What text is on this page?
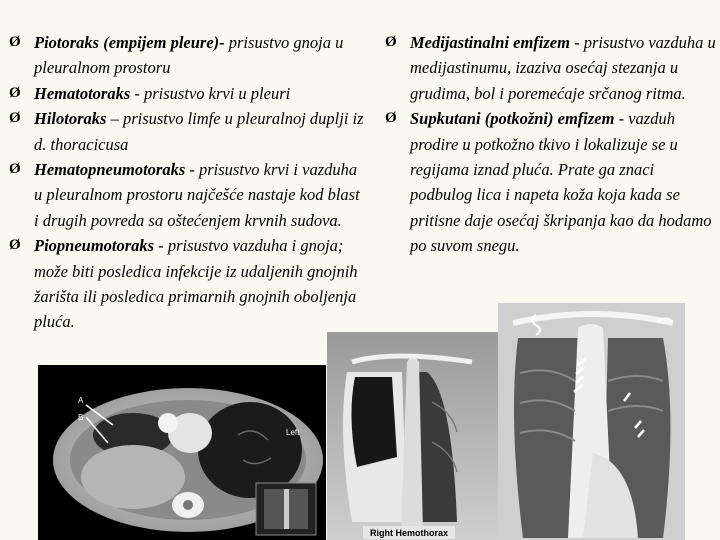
Ø Piotoraks (empijem pleure)- prisustvo gnoja u pleuralnom prostoru

Ø Hematotoraks - prisustvo krvi u pleuri

Ø Hilotoraks – prisustvo limfe u pleuralnoj duplji iz d. thoracicusa

Ø Hematopneumotoraks - prisustvo krvi i vazduha u pleuralnom prostoru najčešće nastaje kod blast i drugih povreda sa oštećenjem krvnih sudova.

Ø Piopneumotoraks - prisustvo vazduha i gnoja; može biti posledica infekcije iz udaljenih gnojnih žarišta ili posledica primarnih gnojnih oboljenja pluća.

Ø Medijastinalni emfizem - prisustvo vazduha u medijastinumu, izaziva osećaj stezanja u grudima, bol i poremećaje srčanog ritma.

Ø Supkutani (potkožni) emfizem - vazduh prodire u potkožno tkivo i lokalizuje se u regijama iznad pluća. Prate ga znaci podbulog lica i napeta koža koja kada se pritisne daje osećaj škripanja kao da hodamo po suvom snegu.

A
B
Left
Right Hemothorax
